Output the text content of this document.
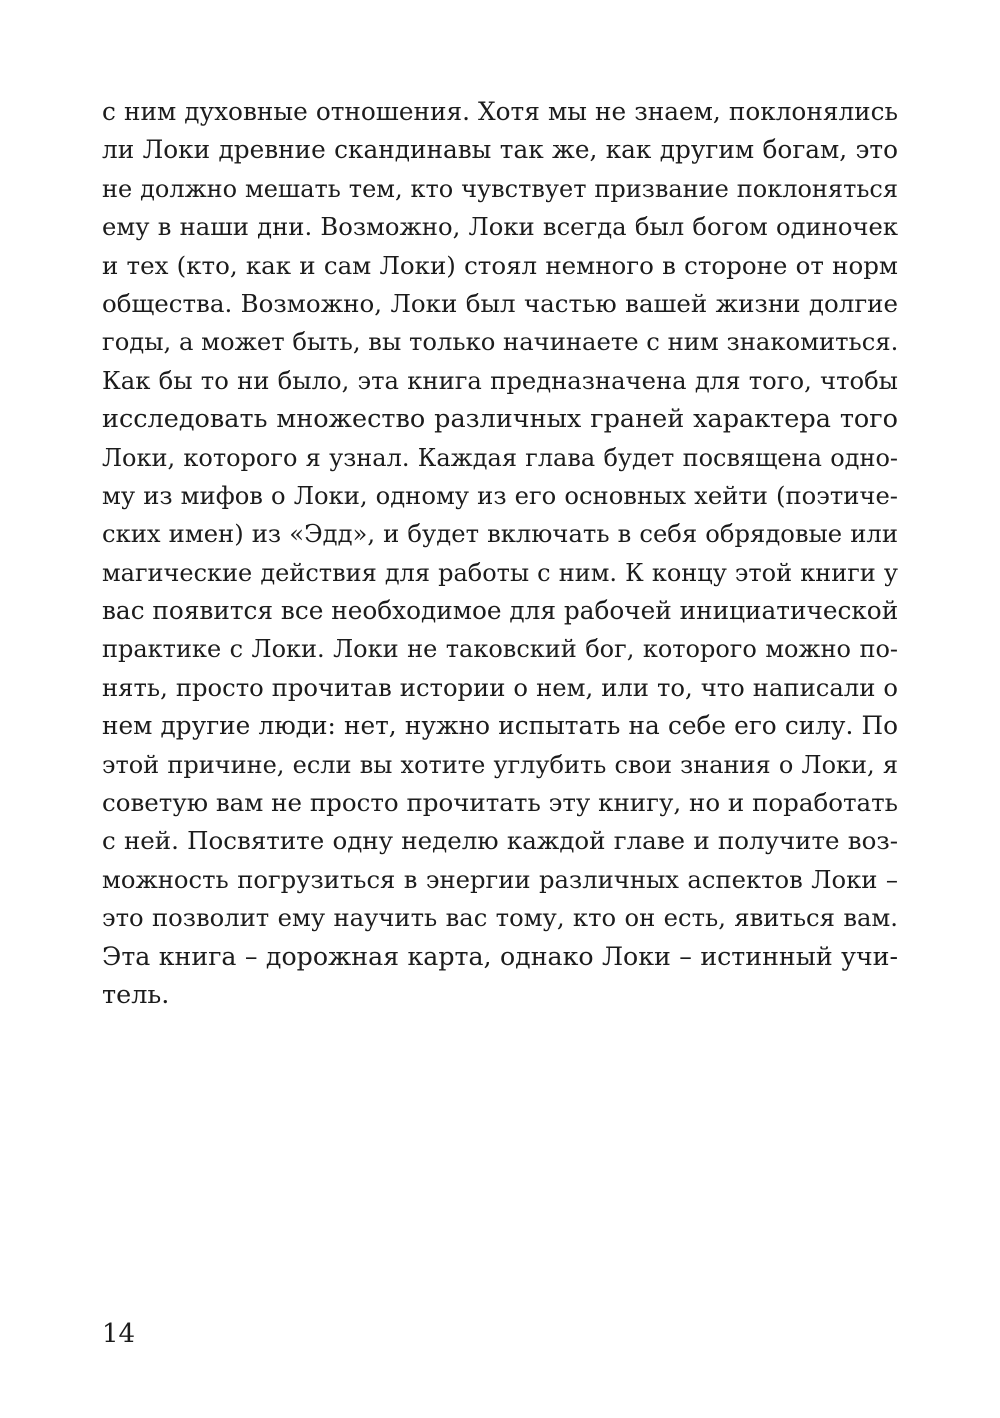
с ним духовные отношения. Хотя мы не знаем, поклонялись
ли Локи древние скандинавы так же, как другим богам, это
не должно мешать тем, кто чувствует призвание поклоняться
ему в наши дни. Возможно, Локи всегда был богом одиночек
и тех (кто, как и сам Локи) стоял немного в стороне от норм
общества. Возможно, Локи был частью вашей жизни долгие
годы, а может быть, вы только начинаете с ним знакомиться.
Как бы то ни было, эта книга предназначена для того, чтобы
исследовать множество различных граней характера того
Локи, которого я узнал. Каждая глава будет посвящена одно-
му из мифов о Локи, одному из его основных хейти (поэтиче-
ских имен) из «Эдд», и будет включать в себя обрядовые или
магические действия для работы с ним. К концу этой книги у
вас появится все необходимое для рабочей инициатической
практике с Локи. Локи не таковский бог, которого можно по-
нять, просто прочитав истории о нем, или то, что написали о
нем другие люди: нет, нужно испытать на себе его силу. По
этой причине, если вы хотите углубить свои знания о Локи, я
советую вам не просто прочитать эту книгу, но и поработать
с ней. Посвятите одну неделю каждой главе и получите воз-
можность погрузиться в энергии различных аспектов Локи –
это позволит ему научить вас тому, кто он есть, явиться вам.
Эта книга – дорожная карта, однако Локи – истинный учи-
тель.
14
